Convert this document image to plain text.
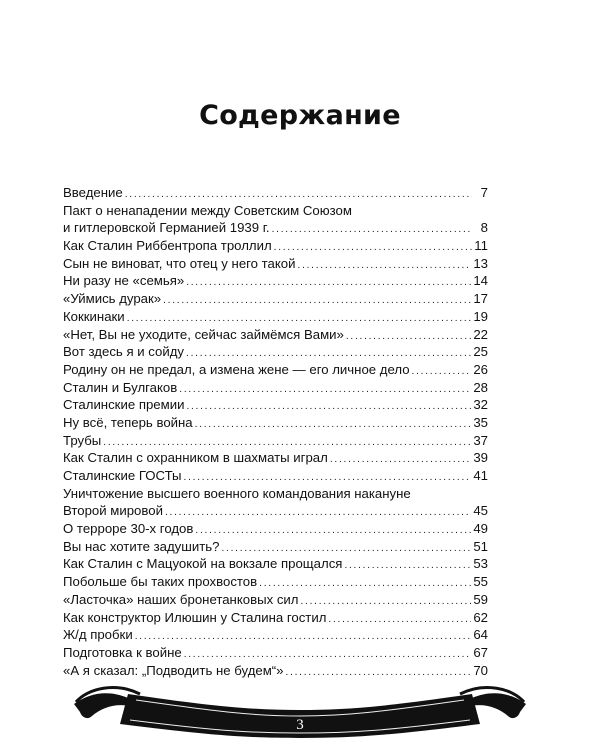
Содержание
Введение . . .	7
Пакт о ненападении между Советским Союзом
и гитлеровской Германией 1939 г. . . .	8
Как Сталин Риббентропа троллил . . .	11
Сын не виноват, что отец у него такой . . .	13
Ни разу не «семья» . . .	14
«Уймись дурак» . . .	17
Коккинаки . . .	19
«Нет, Вы не уходите, сейчас займёмся Вами» . . .	22
Вот здесь я и сойду . . .	25
Родину он не предал, а измена жене — его личное дело . . .	26
Сталин и Булгаков . . .	28
Сталинские премии . . .	32
Ну всё, теперь война . . .	35
Трубы . . .	37
Как Сталин с охранником в шахматы играл . . .	39
Сталинские ГОСТы . . .	41
Уничтожение высшего военного командования накануне
Второй мировой . . .	45
О терроре 30-х годов . . .	49
Вы нас хотите задушить? . . .	51
Как Сталин с Мацуокой на вокзале прощался . . .	53
Побольше бы таких прохвостов . . .	55
«Ласточка» наших бронетанковых сил . . .	59
Как конструктор Илюшин у Сталина гостил . . .	62
Ж/д пробки . . .	64
Подготовка к войне . . .	67
«А я сказал: „Подводить не будем“» . . .	70
3
